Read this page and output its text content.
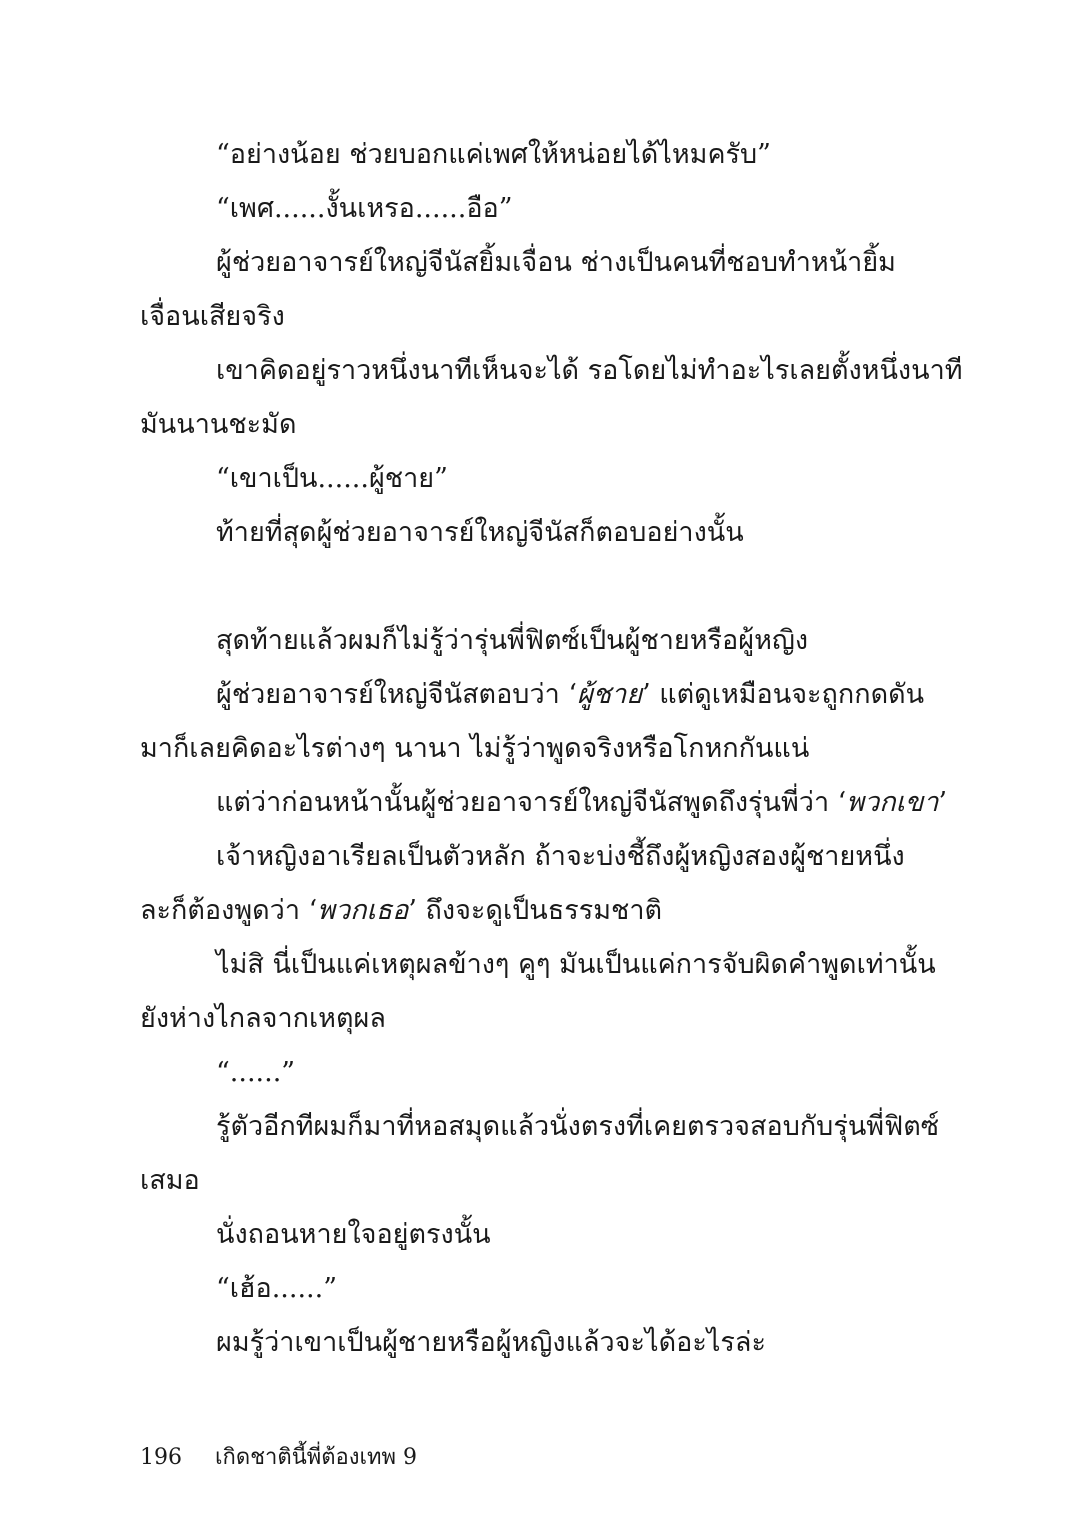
“อย่างน้อย ช่วยบอกแค่เพศให้หน่อยได้ไหมครับ”
“เพศ......งั้นเหรอ......อือ”
ผู้ช่วยอาจารย์ใหญ่จีนัสยิ้มเจื่อน ช่างเป็นคนที่ชอบทำหน้ายิ้ม
เจื่อนเสียจริง
เขาคิดอยู่ราวหนึ่งนาทีเห็นจะได้ รอโดยไม่ทำอะไรเลยตั้งหนึ่งนาที
มันนานชะมัด
“เขาเป็น......ผู้ชาย”
ท้ายที่สุดผู้ช่วยอาจารย์ใหญ่จีนัสก็ตอบอย่างนั้น
สุดท้ายแล้วผมก็ไม่รู้ว่ารุ่นพี่ฟิตซ์เป็นผู้ชายหรือผู้หญิง
ผู้ช่วยอาจารย์ใหญ่จีนัสตอบว่า ‘ผู้ชาย’ แต่ดูเหมือนจะถูกกดดัน
มาก็เลยคิดอะไรต่างๆ นานา ไม่รู้ว่าพูดจริงหรือโกหกกันแน่
แต่ว่าก่อนหน้านั้นผู้ช่วยอาจารย์ใหญ่จีนัสพูดถึงรุ่นพี่ว่า ‘พวกเขา’
เจ้าหญิงอาเรียลเป็นตัวหลัก ถ้าจะบ่งชี้ถึงผู้หญิงสองผู้ชายหนึ่ง
ละก็ต้องพูดว่า ‘พวกเธอ’ ถึงจะดูเป็นธรรมชาติ
ไม่สิ นี่เป็นแค่เหตุผลข้างๆ คูๆ มันเป็นแค่การจับผิดคำพูดเท่านั้น
ยังห่างไกลจากเหตุผล
“......”
รู้ตัวอีกทีผมก็มาที่หอสมุดแล้วนั่งตรงที่เคยตรวจสอบกับรุ่นพี่ฟิตซ์
เสมอ
นั่งถอนหายใจอยู่ตรงนั้น
“เฮ้อ......”
ผมรู้ว่าเขาเป็นผู้ชายหรือผู้หญิงแล้วจะได้อะไรล่ะ
196 เกิดชาตินี้พี่ต้องเทพ 9
